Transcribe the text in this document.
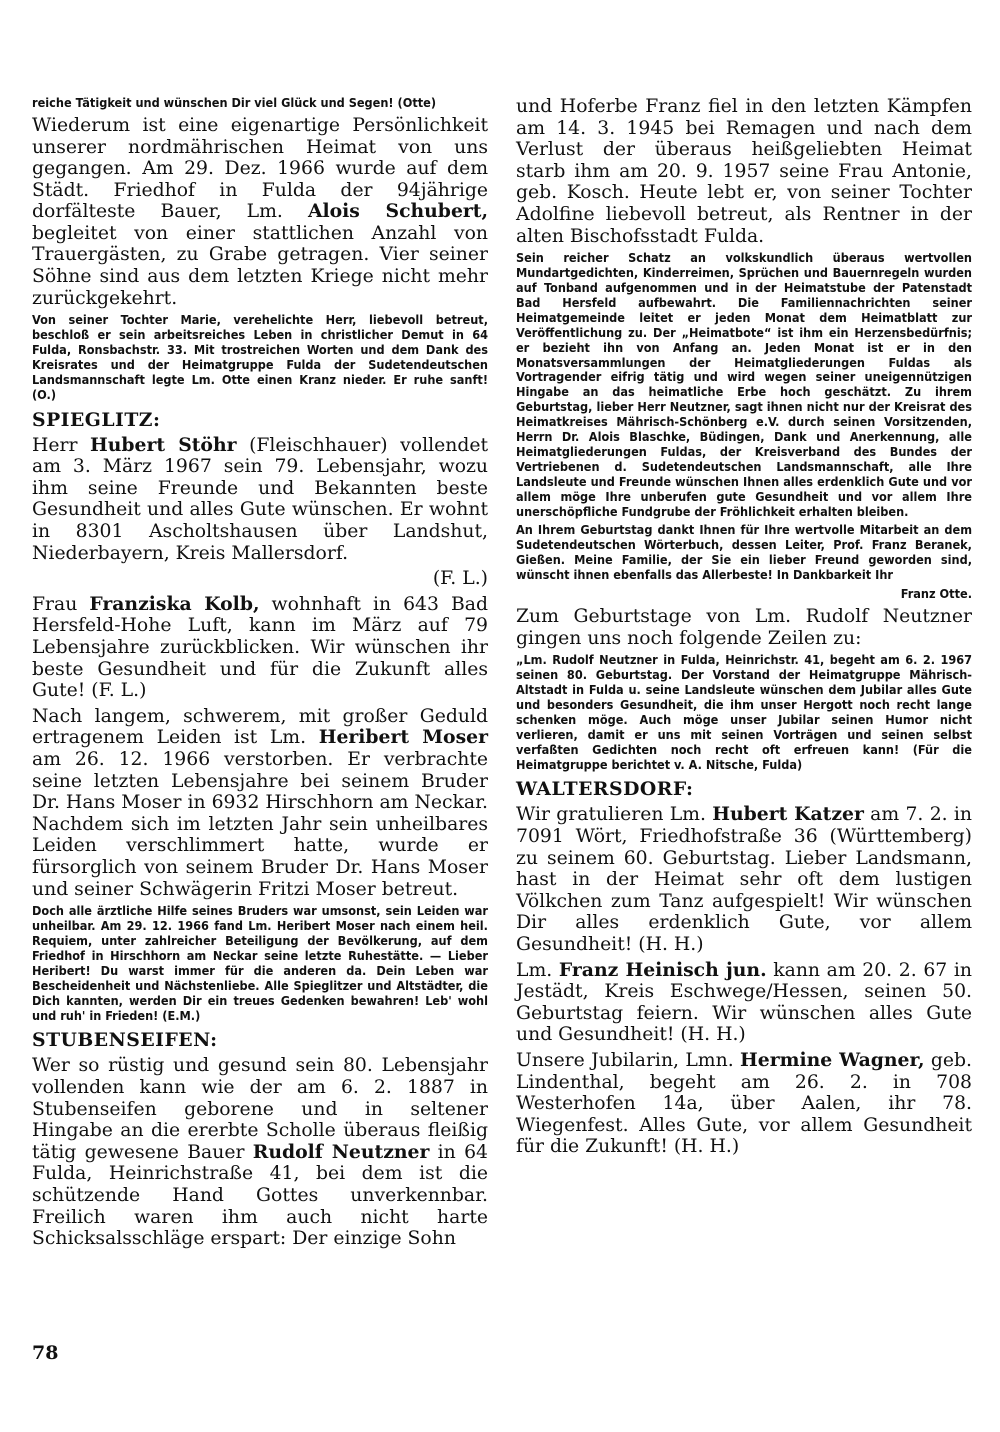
reiche Tätigkeit und wünschen Dir viel Glück und Segen! (Otte)

Wiederum ist eine eigenartige Persönlichkeit unserer nordmährischen Heimat von uns gegangen. Am 29. Dez. 1966 wurde auf dem Städt. Friedhof in Fulda der 94jährige dorfälteste Bauer, Lm. Alois Schubert, begleitet von einer stattlichen Anzahl von Trauergästen, zu Grabe getragen. Vier seiner Söhne sind aus dem letzten Kriege nicht mehr zurückgekehrt.

Von seiner Tochter Marie, verehelichte Herr, liebevoll betreut, beschloß er sein arbeitsreiches Leben in christlicher Demut in 64 Fulda, Ronsbachstr. 33. Mit trostreichen Worten und dem Dank des Kreisrates und der Heimatgruppe Fulda der Sudetendeutschen Landsmannschaft legte Lm. Otte einen Kranz nieder. Er ruhe sanft! (O.)

SPIEGLITZ:

Herr Hubert Stöhr (Fleischhauer) vollendet am 3. März 1967 sein 79. Lebensjahr, wozu ihm seine Freunde und Bekannten beste Gesundheit und alles Gute wünschen. Er wohnt in 8301 Ascholtshausen über Landshut, Niederbayern, Kreis Mallersdorf.

(F. L.)

Frau Franziska Kolb, wohnhaft in 643 Bad Hersfeld-Hohe Luft, kann im März auf 79 Lebensjahre zurückblicken. Wir wünschen ihr beste Gesundheit und für die Zukunft alles Gute! (F. L.)

Nach langem, schwerem, mit großer Geduld ertragenem Leiden ist Lm. Heribert Moser am 26. 12. 1966 verstorben. Er verbrachte seine letzten Lebensjahre bei seinem Bruder Dr. Hans Moser in 6932 Hirschhorn am Neckar. Nachdem sich im letzten Jahr sein unheilbares Leiden verschlimmert hatte, wurde er fürsorglich von seinem Bruder Dr. Hans Moser und seiner Schwägerin Fritzi Moser betreut.

Doch alle ärztliche Hilfe seines Bruders war umsonst, sein Leiden war unheilbar. Am 29. 12. 1966 fand Lm. Heribert Moser nach einem heil. Requiem, unter zahlreicher Beteiligung der Bevölkerung, auf dem Friedhof in Hirschhorn am Neckar seine letzte Ruhestätte. — Lieber Heribert! Du warst immer für die anderen da. Dein Leben war Bescheidenheit und Nächstenliebe. Alle Spieglitzer und Altstädter, die Dich kannten, werden Dir ein treues Gedenken bewahren! Leb' wohl und ruh' in Frieden! (E.M.)

STUBENSEIFEN:

Wer so rüstig und gesund sein 80. Lebensjahr vollenden kann wie der am 6. 2. 1887 in Stubenseifen geborene und in seltener Hingabe an die ererbte Scholle überaus fleißig tätig gewesene Bauer Rudolf Neutzner in 64 Fulda, Heinrichstraße 41, bei dem ist die schützende Hand Gottes unverkennbar. Freilich waren ihm auch nicht harte Schicksalsschläge erspart: Der einzige Sohn

und Hoferbe Franz fiel in den letzten Kämpfen am 14. 3. 1945 bei Remagen und nach dem Verlust der überaus heißgeliebten Heimat starb ihm am 20. 9. 1957 seine Frau Antonie, geb. Kosch. Heute lebt er, von seiner Tochter Adolfine liebevoll betreut, als Rentner in der alten Bischofsstadt Fulda.

Sein reicher Schatz an volkskundlich überaus wertvollen Mundartgedichten, Kinderreimen, Sprüchen und Bauernregeln wurden auf Tonband aufgenommen und in der Heimatstube der Patenstadt Bad Hersfeld aufbewahrt. Die Familiennachrichten seiner Heimatgemeinde leitet er jeden Monat dem Heimatblatt zur Veröffentlichung zu. Der „Heimatbote“ ist ihm ein Herzensbedürfnis; er bezieht ihn von Anfang an. Jeden Monat ist er in den Monatsversammlungen der Heimatgliederungen Fuldas als Vortragender eifrig tätig und wird wegen seiner uneigennützigen Hingabe an das heimatliche Erbe hoch geschätzt. Zu ihrem Geburtstag, lieber Herr Neutzner, sagt ihnen nicht nur der Kreisrat des Heimatkreises Mährisch-Schönberg e.V. durch seinen Vorsitzenden, Herrn Dr. Alois Blaschke, Büdingen, Dank und Anerkennung, alle Heimatgliederungen Fuldas, der Kreisverband des Bundes der Vertriebenen d. Sudetendeutschen Landsmannschaft, alle Ihre Landsleute und Freunde wünschen Ihnen alles erdenklich Gute und vor allem möge Ihre unberufen gute Gesundheit und vor allem Ihre unerschöpfliche Fundgrube der Fröhlichkeit erhalten bleiben.

An Ihrem Geburtstag dankt Ihnen für Ihre wertvolle Mitarbeit an dem Sudetendeutschen Wörterbuch, dessen Leiter, Prof. Franz Beranek, Gießen. Meine Familie, der Sie ein lieber Freund geworden sind, wünscht ihnen ebenfalls das Allerbeste! In Dankbarkeit Ihr

Franz Otte.

Zum Geburtstage von Lm. Rudolf Neutzner gingen uns noch folgende Zeilen zu:

„Lm. Rudolf Neutzner in Fulda, Heinrichstr. 41, begeht am 6. 2. 1967 seinen 80. Geburtstag. Der Vorstand der Heimatgruppe Mährisch-Altstadt in Fulda u. seine Landsleute wünschen dem Jubilar alles Gute und besonders Gesundheit, die ihm unser Hergott noch recht lange schenken möge. Auch möge unser Jubilar seinen Humor nicht verlieren, damit er uns mit seinen Vorträgen und seinen selbst verfaßten Gedichten noch recht oft erfreuen kann! (Für die Heimatgruppe berichtet v. A. Nitsche, Fulda)

WALTERSDORF:

Wir gratulieren Lm. Hubert Katzer am 7. 2. in 7091 Wört, Friedhofstraße 36 (Württemberg) zu seinem 60. Geburtstag. Lieber Landsmann, hast in der Heimat sehr oft dem lustigen Völkchen zum Tanz aufgespielt! Wir wünschen Dir alles erdenklich Gute, vor allem Gesundheit! (H. H.)

Lm. Franz Heinisch jun. kann am 20. 2. 67 in Jestädt, Kreis Eschwege/Hessen, seinen 50. Geburtstag feiern. Wir wünschen alles Gute und Gesundheit! (H. H.)

Unsere Jubilarin, Lmn. Hermine Wagner, geb. Lindenthal, begeht am 26. 2. in 708 Westerhofen 14a, über Aalen, ihr 78. Wiegenfest. Alles Gute, vor allem Gesundheit für die Zukunft! (H. H.)

78
